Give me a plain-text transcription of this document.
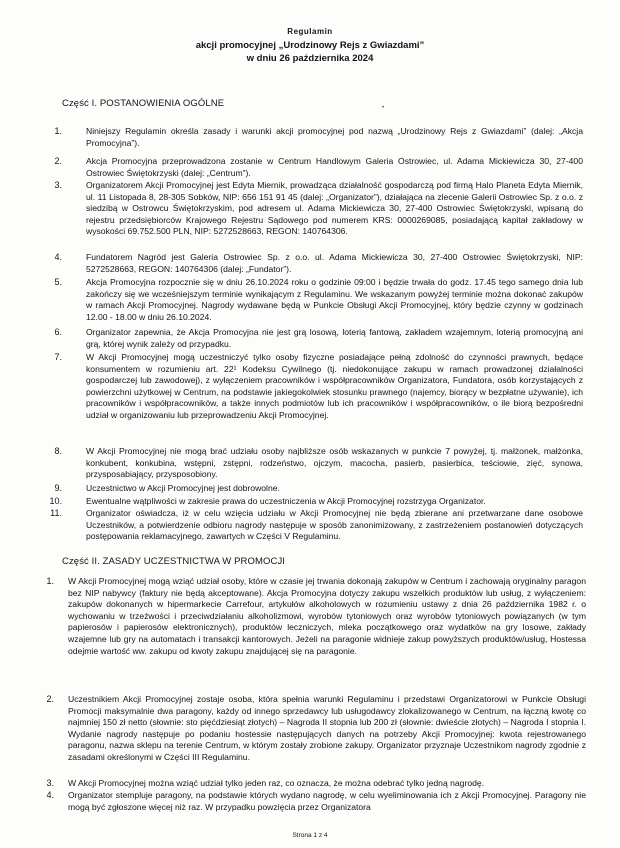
Regulamin
akcji promocyjnej „Urodzinowy Rejs z Gwiazdami”
w dniu 26 października 2024
•
Część I. POSTANOWIENIA OGÓLNE
1.	Niniejszy Regulamin określa zasady i warunki akcji promocyjnej pod nazwą „Urodzinowy Rejs z Gwiazdami” (dalej: „Akcja Promocyjna”).
2.	Akcja Promocyjna przeprowadzona zostanie w Centrum Handlowym Galeria Ostrowiec, ul. Adama Mickiewicza 30, 27-400 Ostrowiec Świętokrzyski (dalej: „Centrum”).
3.	Organizatorem Akcji Promocyjnej jest Edyta Miernik, prowadząca działalność gospodarczą pod firmą Halo Planeta Edyta Miernik, ul. 11 Listopada 8, 28-305 Sobków, NIP: 656 151 91 45 (dalej: „Organizator”), działająca na zlecenie Galerii Ostrowiec Sp. z o.o. z siedzibą w Ostrowcu Świętokrzyskim, pod adresem ul. Adama Mickiewicza 30, 27-400 Ostrowiec Świętokrzyski, wpisaną do rejestru przedsiębiorców Krajowego Rejestru Sądowego pod numerem KRS: 0000269085, posiadającą kapitał zakładowy w wysokości 69.752.500 PLN, NIP: 5272528663, REGON: 140764306.
4.	Fundatorem Nagród jest Galeria Ostrowiec Sp. z o.o. ul. Adama Mickiewicza 30, 27-400 Ostrowiec Świętokrzyski, NIP: 5272528663, REGON: 140764306 (dalej: „Fundator”).
5.	Akcja Promocyjna rozpocznie się w dniu 26.10.2024 roku o godzinie 09:00 i będzie trwała do godz. 17.45 tego samego dnia lub zakończy się we wcześniejszym terminie wynikającym z Regulaminu. We wskazanym powyżej terminie można dokonać zakupów w ramach Akcji Promocyjnej. Nagrody wydawane będą w Punkcie Obsługi Akcji Promocyjnej, który będzie czynny w godzinach 12.00 - 18.00 w dniu 26.10.2024.
6.	Organizator zapewnia, że Akcja Promocyjna nie jest grą losową, loterią fantową, zakładem wzajemnym, loterią promocyjną ani grą, której wynik zależy od przypadku.
7.	W Akcji Promocyjnej mogą uczestniczyć tylko osoby fizyczne posiadające pełną zdolność do czynności prawnych, będące konsumentem w rozumieniu art. 22¹ Kodeksu Cywilnego (tj. niedokonujące zakupu w ramach prowadzonej działalności gospodarczej lub zawodowej), z wyłączeniem pracowników i współpracowników Organizatora, Fundatora, osób korzystających z powierzchni użytkowej w Centrum, na podstawie jakiegokolwiek stosunku prawnego (najemcy, biorący w bezpłatne używanie), ich pracowników i współpracowników, a także innych podmiotów lub ich pracowników i współpracowników, o ile biorą bezpośredni udział w organizowaniu lub przeprowadzeniu Akcji Promocyjnej.
8.	W Akcji Promocyjnej nie mogą brać udziału osoby najbliższe osób wskazanych w punkcie 7 powyżej, tj. małżonek, małżonka, konkubent, konkubina, wstępni, zstępni, rodzeństwo, ojczym, macocha, pasierb, pasierbica, teściowie, zięć, synowa, przysposabiający, przysposobiony.
9.	Uczestnictwo w Akcji Promocyjnej jest dobrowolne.
10.	Ewentualne wątpliwości w zakresie prawa do uczestniczenia w Akcji Promocyjnej rozstrzyga Organizator.
11.	Organizator oświadcza, iż w celu wzięcia udziału w Akcji Promocyjnej nie będą zbierane ani przetwarzane dane osobowe Uczestników, a potwierdzenie odbioru nagrody następuje w sposób zanonimizowany, z zastrzeżeniem postanowień dotyczących postępowania reklamacyjnego, zawartych w Części V Regulaminu.
Część II. ZASADY UCZESTNICTWA W PROMOCJI
1. W Akcji Promocyjnej mogą wziąć udział osoby, które w czasie jej trwania dokonają zakupów w Centrum i zachowają oryginalny paragon bez NIP nabywcy (faktury nie będą akceptowane). Akcja Promocyjna dotyczy zakupu wszelkich produktów lub usług, z wyłączeniem: zakupów dokonanych w hipermarkecie Carrefour, artykułów alkoholowych w rozumieniu ustawy z dnia 26 października 1982 r. o wychowaniu w trzeźwości i przeciwdziałaniu alkoholizmowi, wyrobów tytoniowych oraz wyrobów tytoniowych powiązanych (w tym papierosów i papierosów elektronicznych), produktów leczniczych, mleka początkowego oraz wydatków na gry losowe, zakłady wzajemne lub gry na automatach i transakcji kantorowych. Jeżeli na paragonie widnieje zakup powyższych produktów/usług, Hostessa odejmie wartość ww. zakupu od kwoty zakupu znajdującej się na paragonie.
2. Uczestnikiem Akcji Promocyjnej zostaje osoba, która spełnia warunki Regulaminu i przedstawi Organizatorowi w Punkcie Obsługi Promocji maksymalnie dwa paragony, każdy od innego sprzedawcy lub usługodawcy zlokalizowanego w Centrum, na łączną kwotę co najmniej 150 zł netto (słownie: sto pięćdziesiąt złotych) – Nagroda II stopnia lub 200 zł (słownie: dwieście złotych) – Nagroda I stopnia I. Wydanie nagrody następuje po podaniu hostessie następujących danych na potrzeby Akcji Promocyjnej: kwota rejestrowanego paragonu, nazwa sklepu na terenie Centrum, w którym zostały zrobione zakupy. Organizator przyznaje Uczestnikom nagrody zgodnie z zasadami określonymi w Części III Regulaminu.
3. W Akcji Promocyjnej można wziąć udział tylko jeden raz, co oznacza, że można odebrać tylko jedną nagrodę.
4. Organizator stempluje paragony, na podstawie których wydano nagrodę, w celu wyeliminowania ich z Akcji Promocyjnej. Paragony nie mogą być zgłoszone więcej niż raz. W przypadku powzięcia przez Organizatora
Strona 1 z 4
